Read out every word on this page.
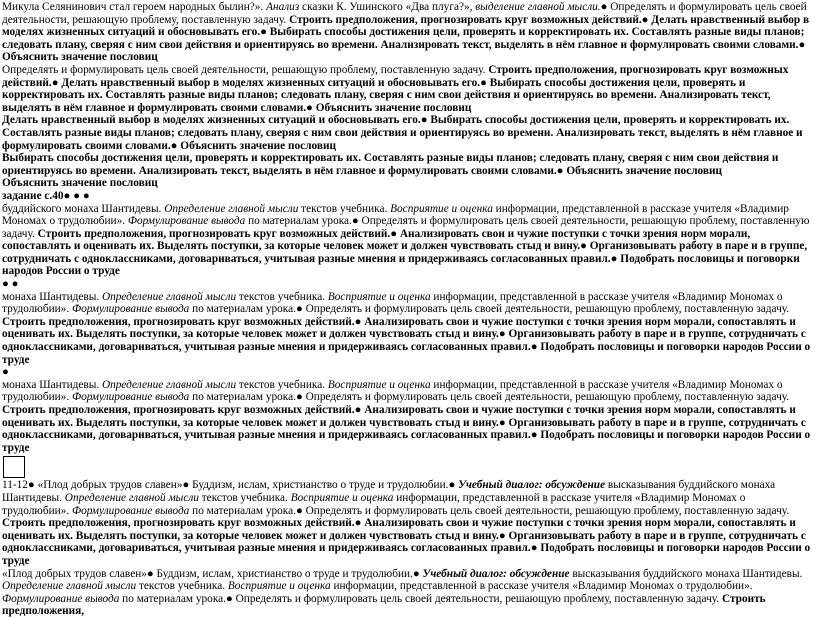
Микула Селянинович стал героем народных былин?». Анализ сказки К. Ушинского «Два плуга?», выделение главной мысли.● Определять и формулировать цель своей деятельности, решающую проблему, поставленную задачу. Строить предположения, прогнозировать круг возможных действий.● Делать нравственный выбор в моделях жизненных ситуаций и обосновывать его.● Выбирать способы достижения цели, проверять и корректировать их. Составлять разные виды планов; следовать плану, сверяя с ним свои действия и ориентируясь во времени. Анализировать текст, выделять в нём главное и формулировать своими словами.● Объяснить значение пословиц

Определять и формулировать цель своей деятельности, решающую проблему, поставленную задачу. Строить предположения, прогнозировать круг возможных действий.● Делать нравственный выбор в моделях жизненных ситуаций и обосновывать его.● Выбирать способы достижения цели, проверять и корректировать их. Составлять разные виды планов; следовать плану, сверяя с ним свои действия и ориентируясь во времени. Анализировать текст, выделять в нём главное и формулировать своими словами.● Объяснить значение пословиц

Делать нравственный выбор в моделях жизненных ситуаций и обосновывать его.● Выбирать способы достижения цели, проверять и корректировать их. Составлять разные виды планов; следовать плану, сверяя с ним свои действия и ориентируясь во времени. Анализировать текст, выделять в нём главное и формулировать своими словами.● Объяснить значение пословиц

Выбирать способы достижения цели, проверять и корректировать их. Составлять разные виды планов; следовать плану, сверяя с ним свои действия и ориентируясь во времени. Анализировать текст, выделять в нём главное и формулировать своими словами.● Объяснить значение пословиц

Объяснить значение пословиц

задание с.40● ● ●

буддийского монаха Шантидевы. Определение главной мысли текстов учебника. Восприятие и оценка информации, представленной в рассказе учителя «Владимир Мономах о трудолюбии». Формулирование вывода по материалам урока.● Определять и формулировать цель своей деятельности, решающую проблему, поставленную задачу. Строить предположения, прогнозировать круг возможных действий.● Анализировать свои и чужие поступки с точки зрения норм морали, сопоставлять и оценивать их. Выделять поступки, за которые человек может и должен чувствовать стыд и вину.● Организовывать работу в паре и в группе, сотрудничать с одноклассниками, договариваться, учитывая разные мнения и придерживаясь согласованных правил.● Подобрать пословицы и поговорки народов России о труде

● ●

монаха Шантидевы. Определение главной мысли текстов учебника. Восприятие и оценка информации, представленной в рассказе учителя «Владимир Мономах о трудолюбии». Формулирование вывода по материалам урока.● Определять и формулировать цель своей деятельности, решающую проблему, поставленную задачу. Строить предположения, прогнозировать круг возможных действий.● Анализировать свои и чужие поступки с точки зрения норм морали, сопоставлять и оценивать их. Выделять поступки, за которые человек может и должен чувствовать стыд и вину.● Организовывать работу в паре и в группе, сотрудничать с одноклассниками, договариваться, учитывая разные мнения и придерживаясь согласованных правил.● Подобрать пословицы и поговорки народов России о труде

●

монаха Шантидевы. Определение главной мысли текстов учебника. Восприятие и оценка информации, представленной в рассказе учителя «Владимир Мономах о трудолюбии». Формулирование вывода по материалам урока.● Определять и формулировать цель своей деятельности, решающую проблему, поставленную задачу. Строить предположения, прогнозировать круг возможных действий.● Анализировать свои и чужие поступки с точки зрения норм морали, сопоставлять и оценивать их. Выделять поступки, за которые человек может и должен чувствовать стыд и вину.● Организовывать работу в паре и в группе, сотрудничать с одноклассниками, договариваться, учитывая разные мнения и придерживаясь согласованных правил.● Подобрать пословицы и поговорки народов России о труде

11-12● «Плод добрых трудов славен»● Буддизм, ислам, христианство о труде и трудолюбии.● Учебный диалог: обсуждение высказывания буддийского монаха Шантидевы. Определение главной мысли текстов учебника. Восприятие и оценка информации, представленной в рассказе учителя «Владимир Мономах о трудолюбии». Формулирование вывода по материалам урока.● Определять и формулировать цель своей деятельности, решающую проблему, поставленную задачу. Строить предположения, прогнозировать круг возможных действий.● Анализировать свои и чужие поступки с точки зрения норм морали, сопоставлять и оценивать их. Выделять поступки, за которые человек может и должен чувствовать стыд и вину.● Организовывать работу в паре и в группе, сотрудничать с одноклассниками, договариваться, учитывая разные мнения и придерживаясь согласованных правил.● Подобрать пословицы и поговорки народов России о труде

«Плод добрых трудов славен»● Буддизм, ислам, христианство о труде и трудолюбии.● Учебный диалог: обсуждение высказывания буддийского монаха Шантидевы. Определение главной мысли текстов учебника. Восприятие и оценка информации, представленной в рассказе учителя «Владимир Мономах о трудолюбии». Формулирование вывода по материалам урока.● Определять и формулировать цель своей деятельности, решающую проблему, поставленную задачу. Строить предположения,
